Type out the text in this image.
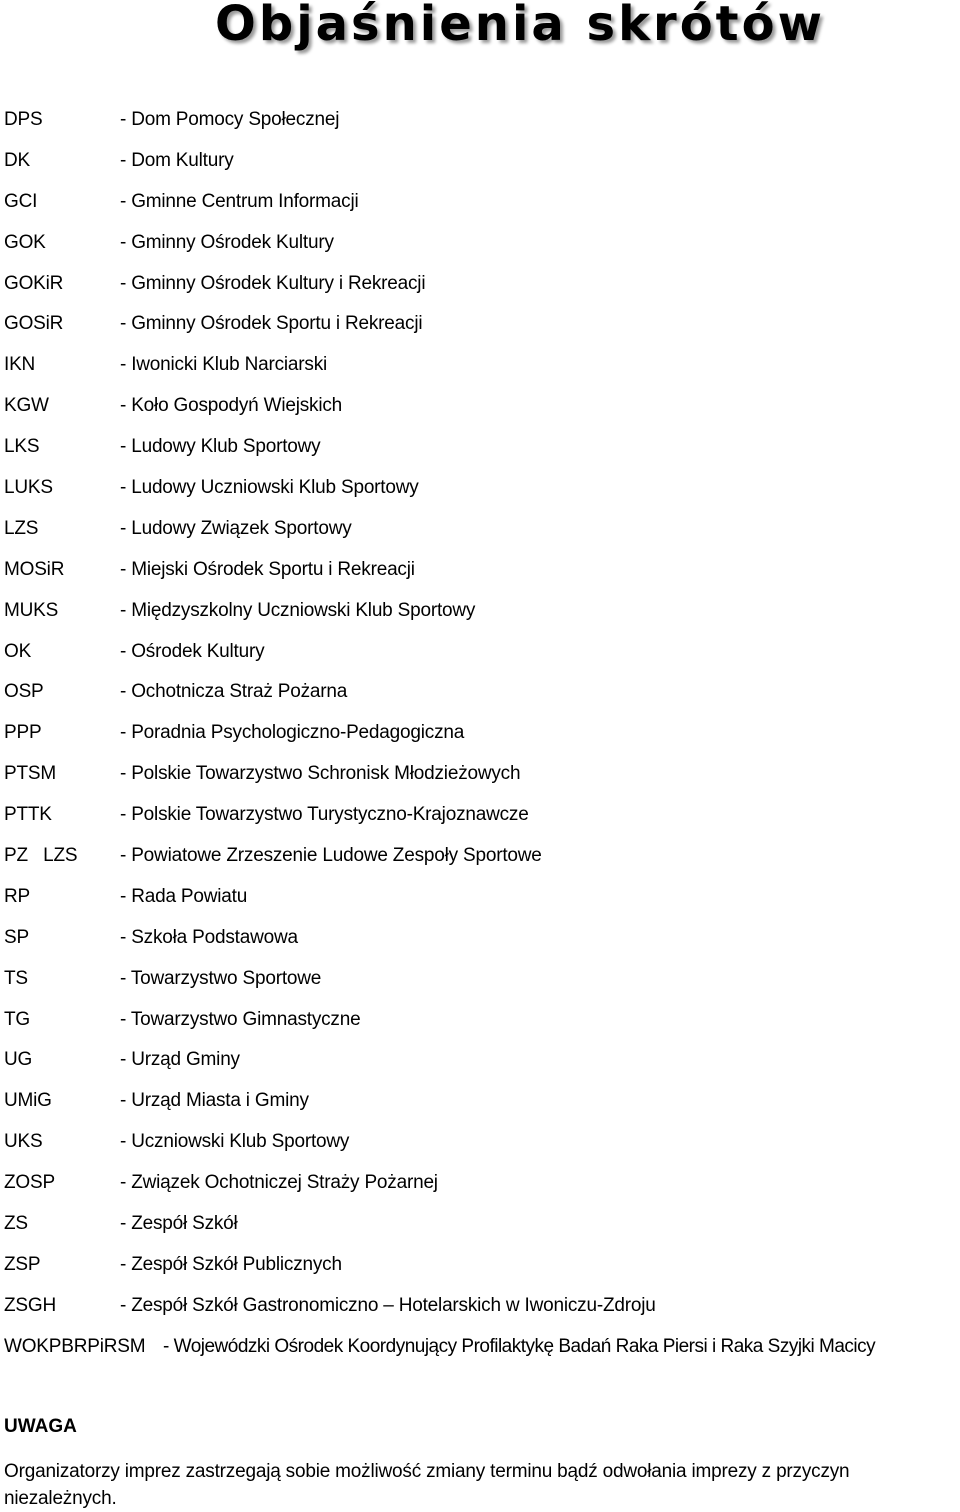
Objaśnienia skrótów
DPS	- Dom Pomocy Społecznej
DK	- Dom Kultury
GCI	- Gminne Centrum Informacji
GOK	- Gminny Ośrodek Kultury
GOKiR	- Gminny Ośrodek Kultury i Rekreacji
GOSiR	- Gminny Ośrodek Sportu i Rekreacji
IKN	- Iwonicki Klub Narciarski
KGW	- Koło Gospodyń Wiejskich
LKS	- Ludowy Klub Sportowy
LUKS	- Ludowy Uczniowski Klub Sportowy
LZS	- Ludowy Związek Sportowy
MOSiR	- Miejski Ośrodek Sportu i Rekreacji
MUKS	- Międzyszkolny Uczniowski Klub Sportowy
OK	- Ośrodek Kultury
OSP	- Ochotnicza Straż Pożarna
PPP	- Poradnia Psychologiczno-Pedagogiczna
PTSM	- Polskie Towarzystwo Schronisk Młodzieżowych
PTTK	- Polskie Towarzystwo Turystyczno-Krajoznawcze
PZ   LZS - Powiatowe Zrzeszenie Ludowe Zespoły Sportowe
RP	- Rada Powiatu
SP	- Szkoła Podstawowa
TS	- Towarzystwo Sportowe
TG	- Towarzystwo Gimnastyczne
UG	- Urząd Gminy
UMiG	- Urząd Miasta i Gminy
UKS	- Uczniowski Klub Sportowy
ZOSP	- Związek Ochotniczej Straży Pożarnej
ZS	- Zespół Szkół
ZSP	- Zespół Szkół Publicznych
ZSGH	- Zespół Szkół Gastronomiczno – Hotelarskich w Iwoniczu-Zdroju
WOKPBRPiRSM - Wojewódzki Ośrodek Koordynujący Profilaktykę Badań Raka Piersi i Raka Szyjki Macicy
UWAGA
Organizatorzy imprez zastrzegają sobie możliwość zmiany terminu bądź odwołania imprezy z przyczyn niezależnych.
